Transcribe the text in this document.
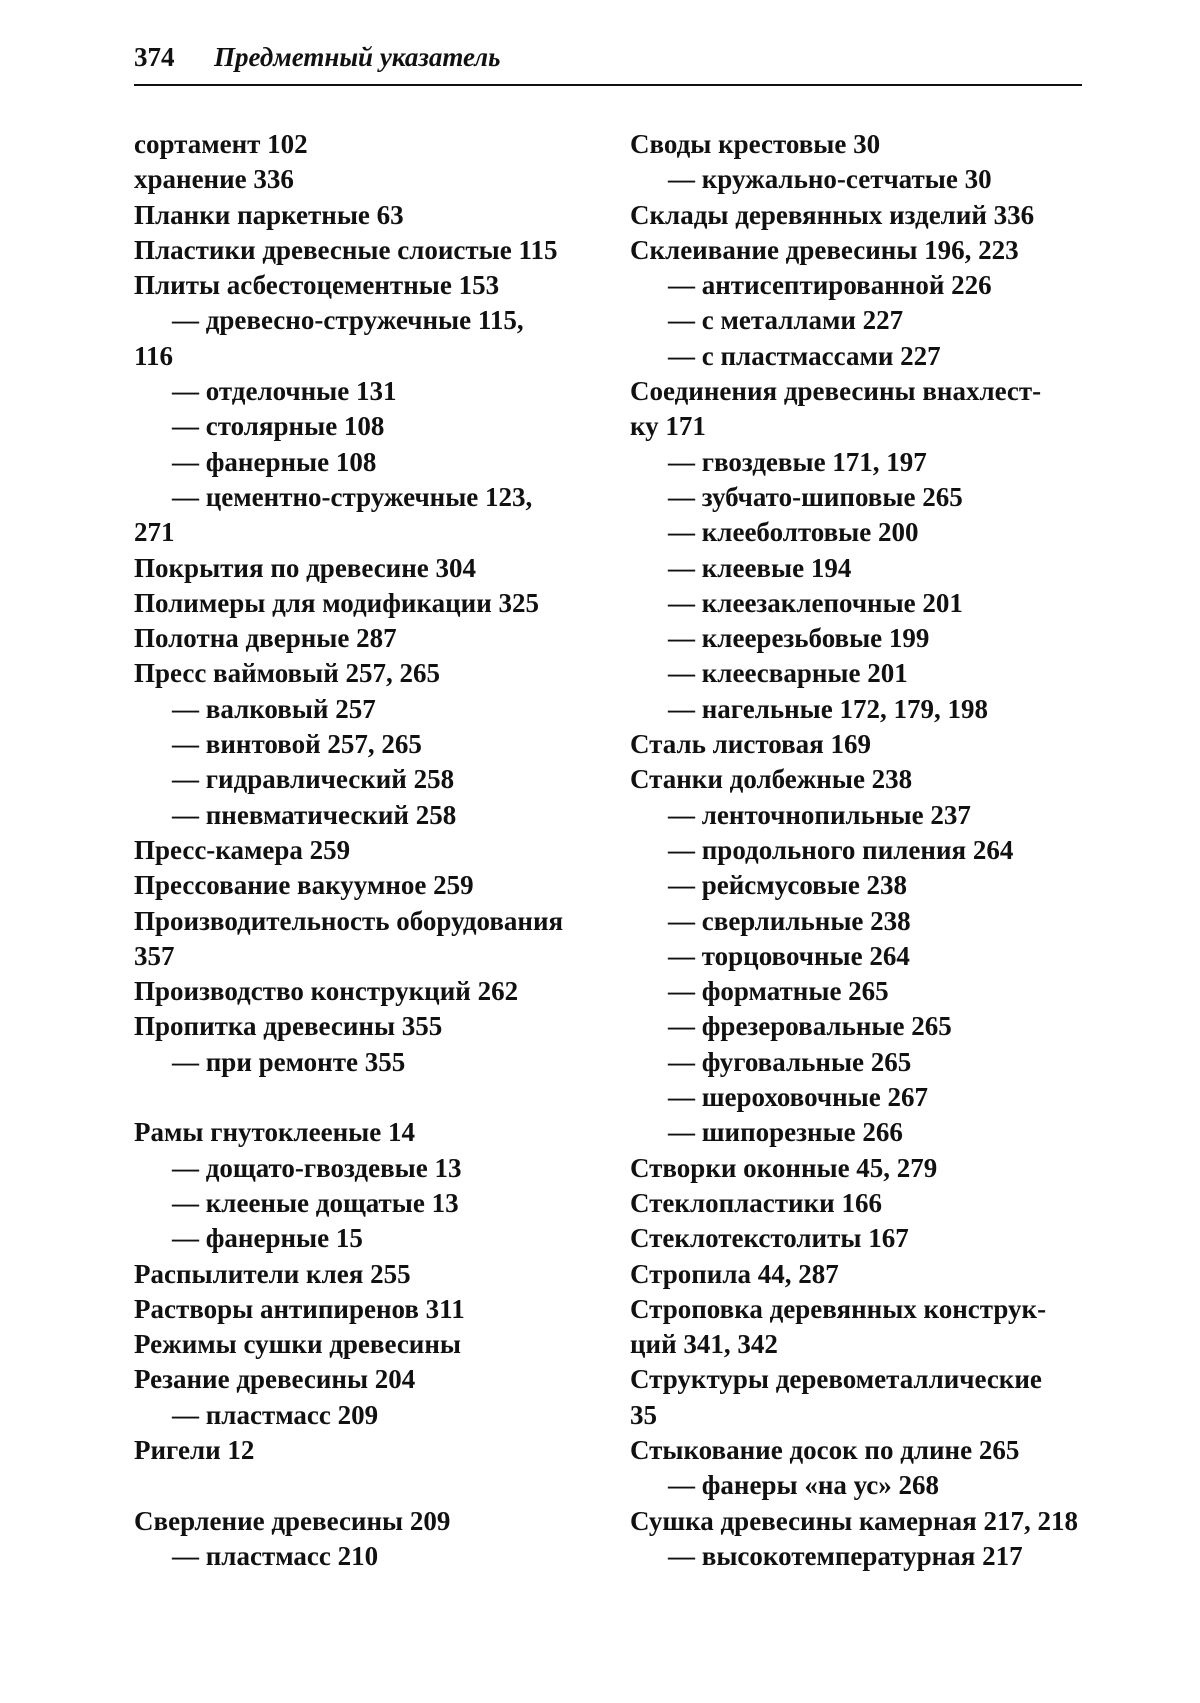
374 Предметный указатель
сортамент 102
хранение 336
Планки паркетные 63
Пластики древесные слоистые 115
Плиты асбестоцементные 153
— древесно-стружечные 115,
116
— отделочные 131
— столярные 108
— фанерные 108
— цементно-стружечные 123,
271
Покрытия по древесине 304
Полимеры для модификации 325
Полотна дверные 287
Пресс ваймовый 257, 265
— валковый 257
— винтовой 257, 265
— гидравлический 258
— пневматический 258
Пресс-камера 259
Прессование вакуумное 259
Производительность оборудования
357
Производство конструкций 262
Пропитка древесины 355
— при ремонте 355
Рамы гнутоклееные 14
— дощато-гвоздевые 13
— клееные дощатые 13
— фанерные 15
Распылители клея 255
Растворы антипиренов 311
Режимы сушки древесины
Резание древесины 204
— пластмасс 209
Ригели 12
Сверление древесины 209
— пластмасс 210
Своды крестовые 30
— кружально-сетчатые 30
Склады деревянных изделий 336
Склеивание древесины 196, 223
— антисептированной 226
— с металлами 227
— с пластмассами 227
Соединения древесины внахлест-
ку 171
— гвоздевые 171, 197
— зубчато-шиповые 265
— клееболтовые 200
— клеевые 194
— клеезаклепочные 201
— клеерезьбовые 199
— клеесварные 201
— нагельные 172, 179, 198
Сталь листовая 169
Станки долбежные 238
— ленточнопильные 237
— продольного пиления 264
— рейсмусовые 238
— сверлильные 238
— торцовочные 264
— форматные 265
— фрезеровальные 265
— фуговальные 265
— шероховочные 267
— шипорезные 266
Створки оконные 45, 279
Стеклопластики 166
Стеклотекстолиты 167
Стропила 44, 287
Строповка деревянных конструк-
ций 341, 342
Структуры деревометаллические
35
Стыкование досок по длине 265
— фанеры «на ус» 268
Сушка древесины камерная 217, 218
— высокотемпературная 217
